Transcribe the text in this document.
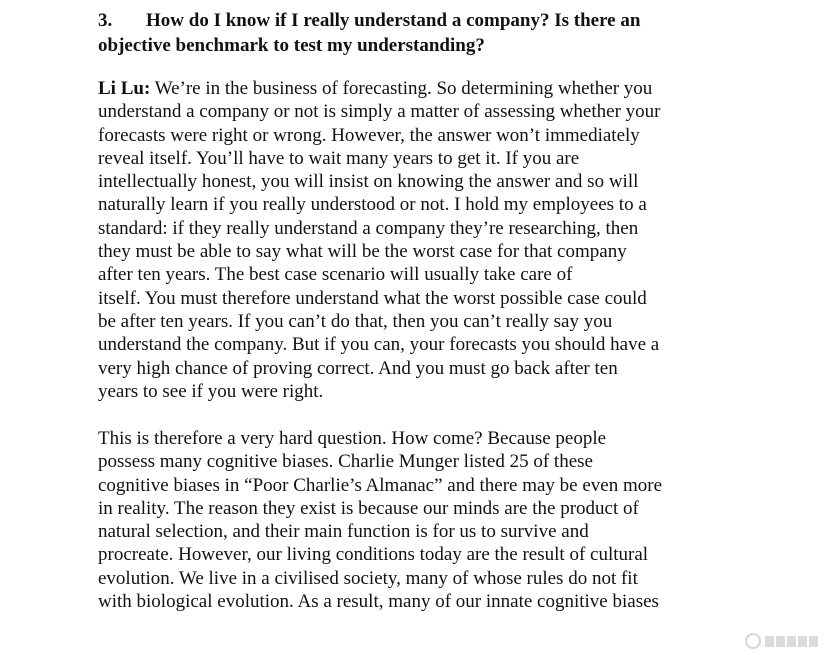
3. How do I know if I really understand a company? Is there an
objective benchmark to test my understanding?
Li Lu: We’re in the business of forecasting. So determining whether you
understand a company or not is simply a matter of assessing whether your
forecasts were right or wrong. However, the answer won’t immediately
reveal itself. You’ll have to wait many years to get it. If you are
intellectually honest, you will insist on knowing the answer and so will
naturally learn if you really understood or not. I hold my employees to a
standard: if they really understand a company they’re researching, then
they must be able to say what will be the worst case for that company
after ten years. The best case scenario will usually take care of
itself. You must therefore understand what the worst possible case could
be after ten years. If you can’t do that, then you can’t really say you
understand the company. But if you can, your forecasts you should have a
very high chance of proving correct. And you must go back after ten
years to see if you were right.
This is therefore a very hard question. How come? Because people
possess many cognitive biases. Charlie Munger listed 25 of these
cognitive biases in “Poor Charlie’s Almanac” and there may be even more
in reality. The reason they exist is because our minds are the product of
natural selection, and their main function is for us to survive and
procreate. However, our living conditions today are the result of cultural
evolution. We live in a civilised society, many of whose rules do not fit
with biological evolution. As a result, many of our innate cognitive biases
